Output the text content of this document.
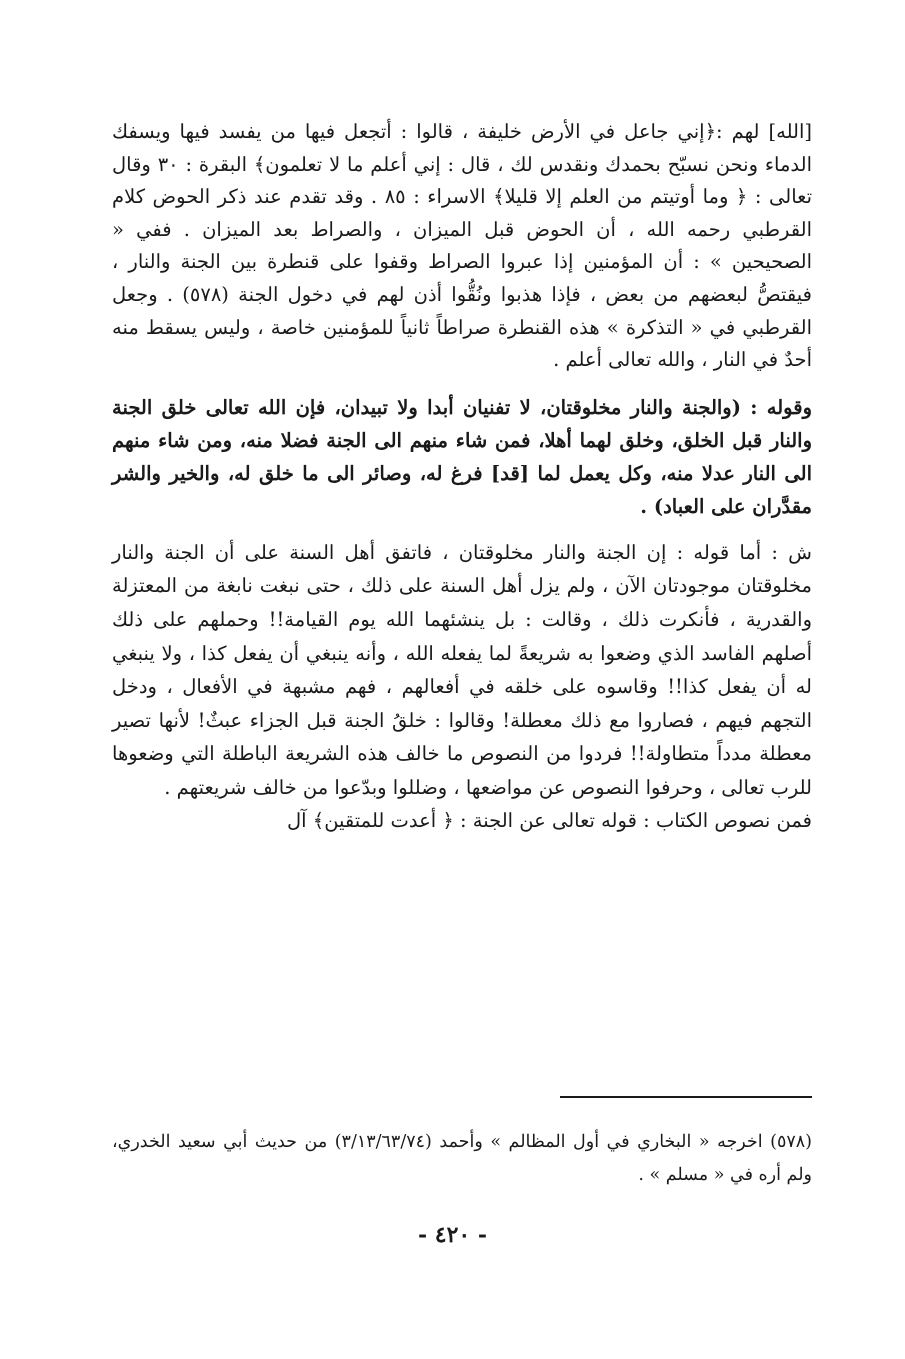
[الله] لهم :﴿إني جاعل في الأرض خليفة ، قالوا : أتجعل فيها من يفسد فيها ويسفك الدماء ونحن نسبّح بحمدك ونقدس لك ، قال : إني أعلم ما لا تعلمون﴾ البقرة : ٣٠ وقال تعالى : ﴿ وما أوتيتم من العلم إلا قليلا﴾ الاسراء : ٨٥ . وقد تقدم عند ذكر الحوض كلام القرطبي رحمه الله ، أن الحوض قبل الميزان ، والصراط بعد الميزان . ففي « الصحيحين » : أن المؤمنين إذا عبروا الصراط وقفوا على قنطرة بين الجنة والنار ، فيقتصُّ لبعضهم من بعض ، فإذا هذبوا ونُقُّوا أذن لهم في دخول الجنة (٥٧٨) . وجعل القرطبي في « التذكرة » هذه القنطرة صراطاً ثانياً للمؤمنين خاصة ، وليس يسقط منه أحدٌ في النار ، والله تعالى أعلم .

وقوله : (والجنة والنار مخلوقتان، لا تفنيان أبدا ولا تبيدان، فإن الله تعالى خلق الجنة والنار قبل الخلق، وخلق لهما أهلا، فمن شاء منهم الى الجنة فضلا منه، ومن شاء منهم الى النار عدلا منه، وكل يعمل لما [قد] فرغ له، وصائر الى ما خلق له، والخير والشر مقدَّران على العباد) .

ش : أما قوله : إن الجنة والنار مخلوقتان ، فاتفق أهل السنة على أن الجنة والنار مخلوقتان موجودتان الآن ، ولم يزل أهل السنة على ذلك ، حتى نبغت نابغة من المعتزلة والقدرية ، فأنكرت ذلك ، وقالت : بل ينشئهما الله يوم القيامة!! وحملهم على ذلك أصلهم الفاسد الذي وضعوا به شريعةً لما يفعله الله ، وأنه ينبغي أن يفعل كذا ، ولا ينبغي له أن يفعل كذا!! وقاسوه على خلقه في أفعالهم ، فهم مشبهة في الأفعال ، ودخل التجهم فيهم ، فصاروا مع ذلك معطلة! وقالوا : خلقُ الجنة قبل الجزاء عبثٌ! لأنها تصير معطلة مدداً متطاولة!! فردوا من النصوص ما خالف هذه الشريعة الباطلة التي وضعوها للرب تعالى ، وحرفوا النصوص عن مواضعها ، وضللوا وبدّعوا من خالف شريعتهم .

فمن نصوص الكتاب : قوله تعالى عن الجنة : ﴿ أعدت للمتقين﴾ آل

(٥٧٨) اخرجه « البخاري في أول المظالم » وأحمد (٣/١٣/٦٣/٧٤) من حديث أبي سعيد الخدري، ولم أره في « مسلم » .

- ٤٢٠ -
